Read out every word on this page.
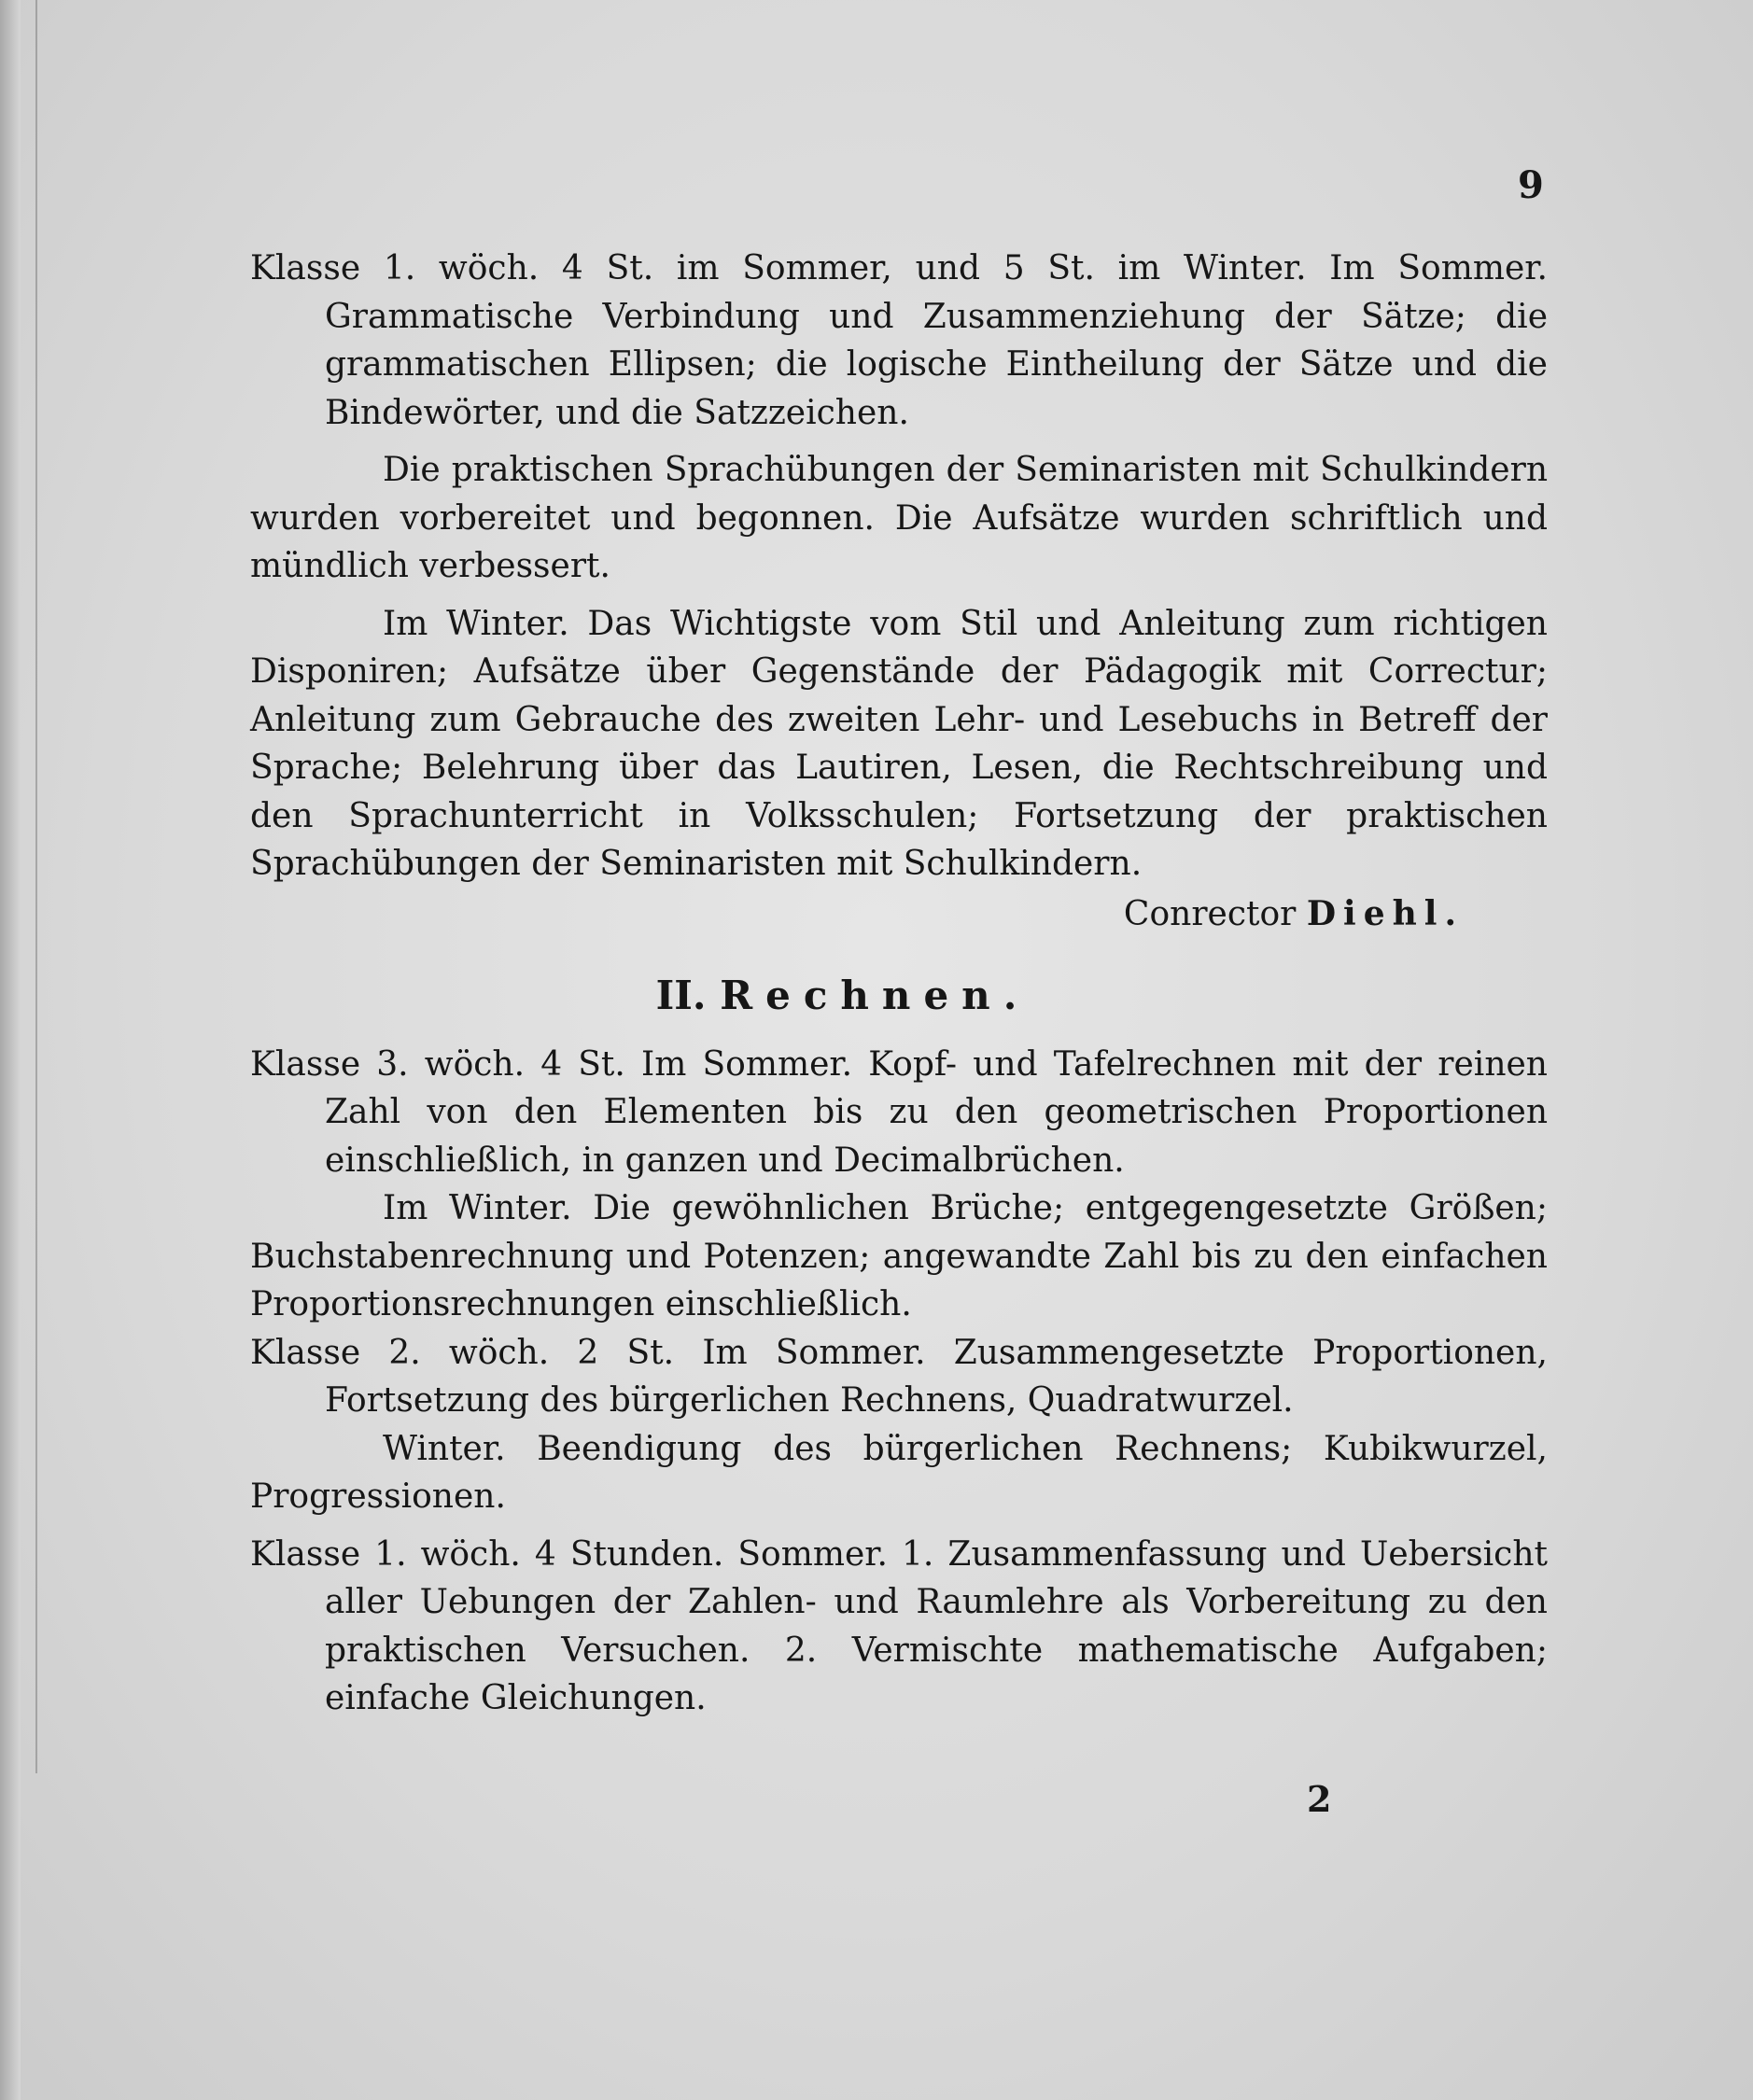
9

Klasse 1. wöch. 4 St. im Sommer, und 5 St. im Winter. Im Sommer. Grammatische Verbindung und Zusammenziehung der Sätze; die grammatischen Ellipsen; die logische Eintheilung der Sätze und die Bindewörter, und die Satzzeichen.

Die praktischen Sprachübungen der Seminaristen mit Schulkindern wurden vorbereitet und begonnen. Die Aufsätze wurden schriftlich und mündlich verbessert.

Im Winter. Das Wichtigste vom Stil und Anleitung zum richtigen Disponiren; Aufsätze über Gegenstände der Pädagogik mit Correctur; Anleitung zum Gebrauche des zweiten Lehr- und Lesebuchs in Betreff der Sprache; Belehrung über das Lautiren, Lesen, die Rechtschreibung und den Sprachunterricht in Volksschulen; Fortsetzung der praktischen Sprachübungen der Seminaristen mit Schulkindern.

Conrector Diehl.

II. Rechnen.

Klasse 3. wöch. 4 St. Im Sommer. Kopf- und Tafelrechnen mit der reinen Zahl von den Elementen bis zu den geometrischen Proportionen einschließlich, in ganzen und Decimalbrüchen.

Im Winter. Die gewöhnlichen Brüche; entgegengesetzte Größen; Buchstabenrechnung und Potenzen; angewandte Zahl bis zu den einfachen Proportionsrechnungen einschließlich.

Klasse 2. wöch. 2 St. Im Sommer. Zusammengesetzte Proportionen, Fortsetzung des bürgerlichen Rechnens, Quadratwurzel.

Winter. Beendigung des bürgerlichen Rechnens; Kubikwurzel, Progressionen.

Klasse 1. wöch. 4 Stunden. Sommer. 1. Zusammenfassung und Uebersicht aller Uebungen der Zahlen- und Raumlehre als Vorbereitung zu den praktischen Versuchen. 2. Vermischte mathematische Aufgaben; einfache Gleichungen.

2
